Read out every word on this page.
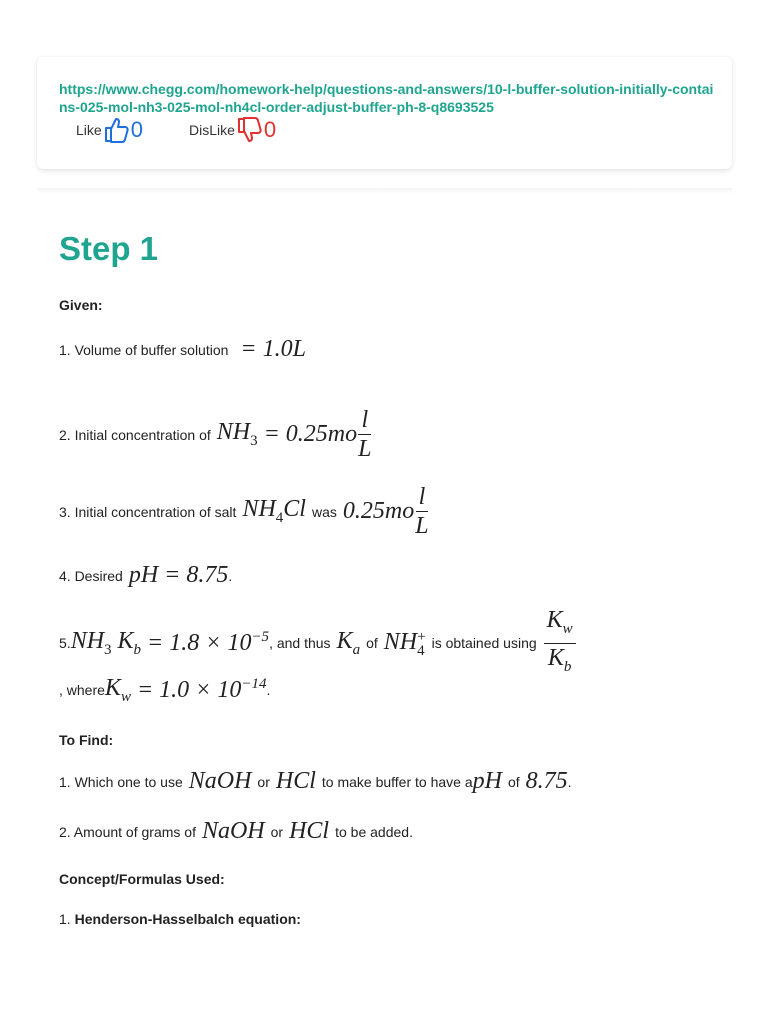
https://www.chegg.com/homework-help/questions-and-answers/10-l-buffer-solution-initially-contains-025-mol-nh3-025-mol-nh4cl-order-adjust-buffer-ph-8-q8693525
Like 0	DisLike 0
Step 1
Given:
1. Volume of buffer solution = 1.0L
2. Initial concentration of $NH_3 = 0.25mo \frac{l}{L}$
3. Initial concentration of salt $NH_4Cl$ was $0.25mo \frac{l}{L}$
4. Desired pH = 8.75 .
5. $NH_3$ $K_b = 1.8 \times 10^{-5}$ , and thus $K_a$ of NH +
4 is obtained using $\frac{K_w}{K_b}$
, where $K_w = 1.0 \times 10^{-14}$ .
To Find:
1. Which one to use NaOH or HCl to make buffer to have a pH of 8.75 .
2. Amount of grams of NaOH or HCl to be added.
Concept/Formulas Used:
1.
Henderson-Hasselbalch equation:
